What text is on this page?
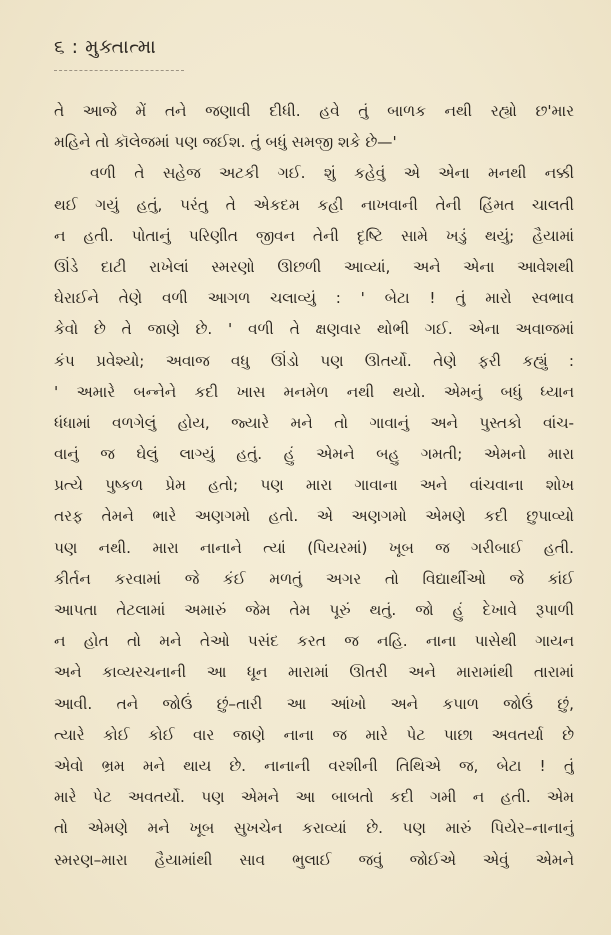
૬ : મુક્તાત્મા
તે આજે મેં તને જણાવી દીધી. હવે તું બાળક નથી રહ્યો છ'માર
મહિને તો કૉલેજમાં પણ જઈશ. તું બધું સમજી શકે છે—'
વળી તે સહેજ અટકી ગઈ. શું કહેવું એ એના મનથી નક્કી
થઈ ગયું હતું, પરંતુ તે એકદમ કહી નાખવાની તેની હિંમત ચાલતી
ન હતી. પોતાનું પરિણીત જીવન તેની દૃષ્ટિ સામે ખડું થયું; હૈયામાં
ઊંડે દાટી રાખેલાં સ્મરણો ઊછળી આવ્યાં, અને એના આવેશથી
ઘેરાઈને તેણે વળી આગળ ચલાવ્યું : ' બેટા ! તું મારો સ્વભાવ
કેવો છે તે જાણે છે. ' વળી તે ક્ષણવાર થોભી ગઈ. એના અવાજમાં
કંપ પ્રવેશ્યો; અવાજ વધુ ઊંડો પણ ઊતર્યો. તેણે ફરી કહ્યું :
' અમારે બન્નેને કદી ખાસ મનમેળ નથી થયો. એમનું બધું ધ્યાન
ધંધામાં વળગેલું હોય, જ્યારે મને તો ગાવાનું અને પુસ્તકો વાંચ-
વાનું જ ઘેલું લાગ્યું હતું. હું એમને બહુ ગમતી; એમનો મારા
પ્રત્યે પુષ્કળ પ્રેમ હતો; પણ મારા ગાવાના અને વાંચવાના શોખ
તરફ તેમને ભારે અણગમો હતો. એ અણગમો એમણે કદી છુપાવ્યો
પણ નથી. મારા નાનાને ત્યાં (પિયરમાં) ખૂબ જ ગરીબાઈ હતી.
કીર્તન કરવામાં જે કંઈ મળતું અગર તો વિદ્યાર્થીઓ જે કાંઈ
આપતા તેટલામાં અમારું જેમ તેમ પૂરું થતું. જો હું દેખાવે રૂપાળી
ન હોત તો મને તેઓ પસંદ કરત જ નહિ. નાના પાસેથી ગાયન
અને કાવ્યરચનાની આ ધૂન મારામાં ઊતરી અને મારામાંથી તારામાં
આવી. તને જોઉં છું–તારી આ આંખો અને કપાળ જોઉં છું,
ત્યારે કોઈ કોઈ વાર જાણે નાના જ મારે પેટ પાછા અવતર્યા છે
એવો ભ્રમ મને થાય છે. નાનાની વરશીની તિથિએ જ, બેટા ! તું
મારે પેટ અવતર્યો. પણ એમને આ બાબતો કદી ગમી ન હતી. એમ
તો એમણે મને ખૂબ સુખચેન કરાવ્યાં છે. પણ મારું પિયેર–નાનાનું
સ્મરણ–મારા હૈયામાંથી સાવ ભુલાઈ જવું જોઈએ એવું એમને
